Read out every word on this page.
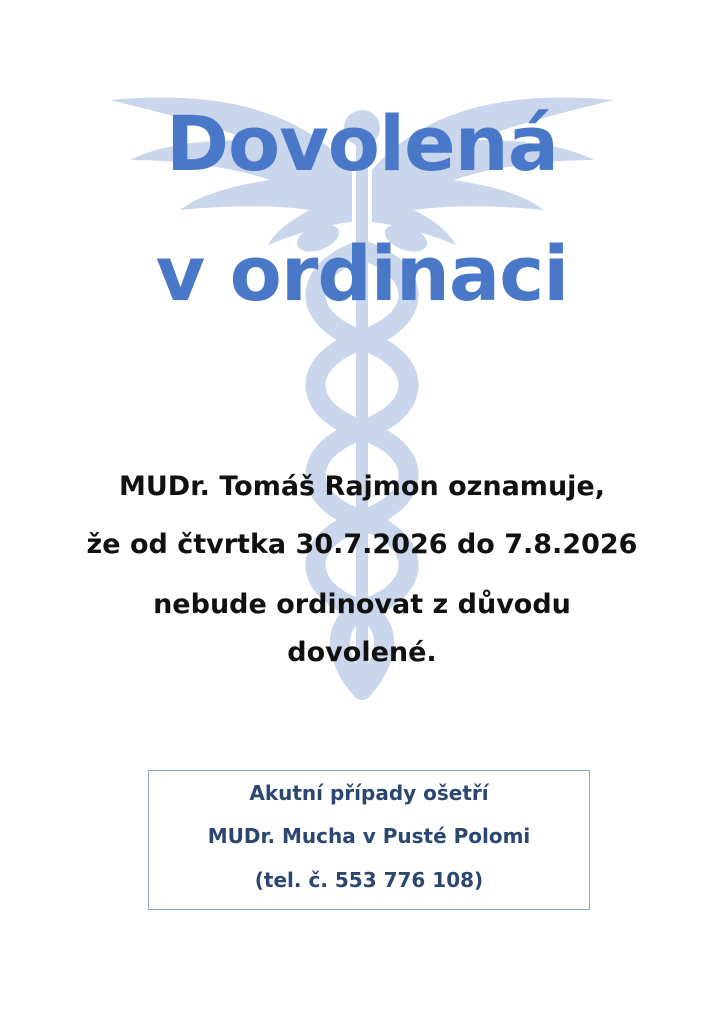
Dovolená
v ordinaci
MUDr. Tomáš Rajmon oznamuje,
že od čtvrtka 30.7.2026 do 7.8.2026
nebude ordinovat z důvodu
dovolené.
Akutní případy ošetří
MUDr. Mucha v Pusté Polomi
(tel. č. 553 776 108)
